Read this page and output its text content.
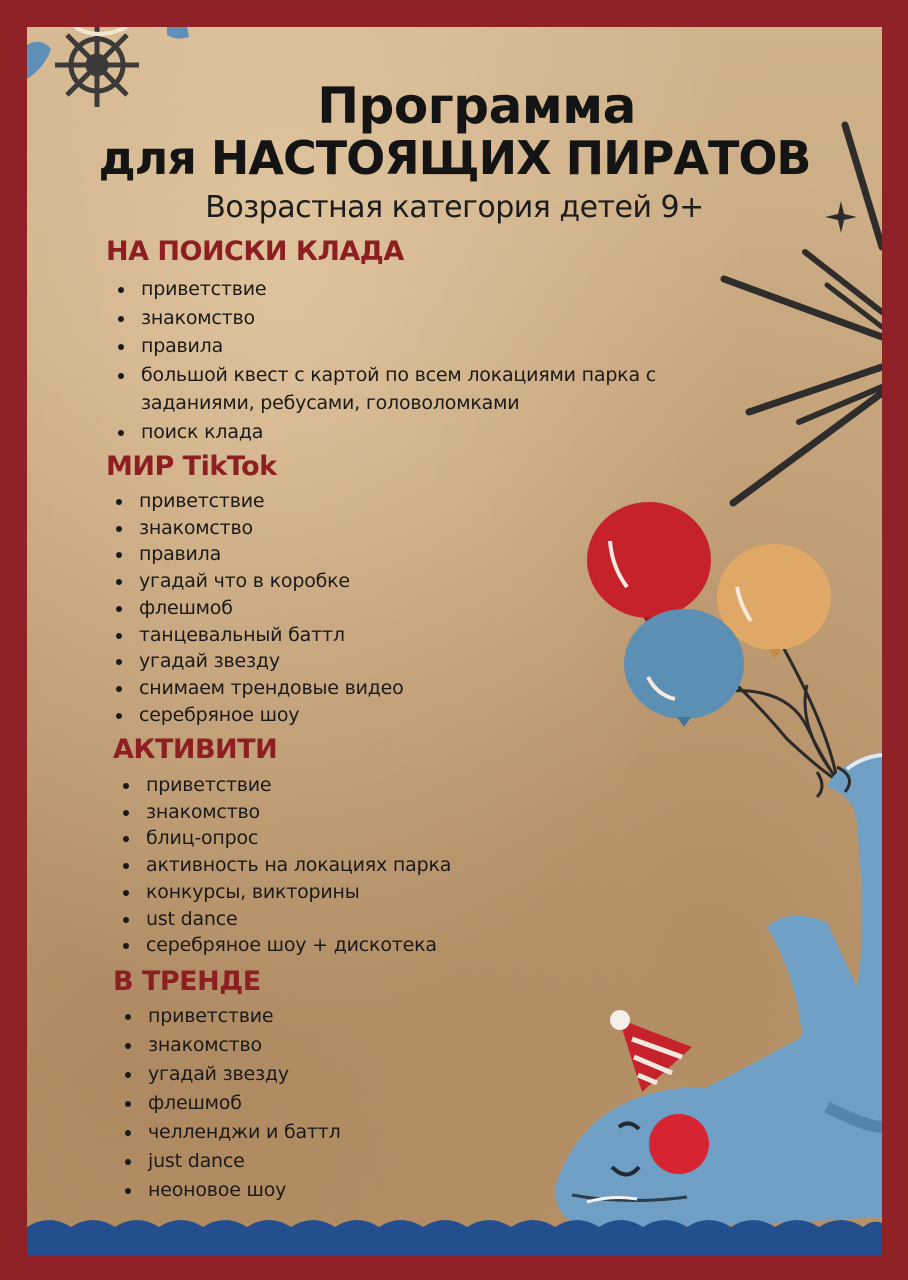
Программа
для НАСТОЯЩИХ ПИРАТОВ
Возрастная категория детей 9+
НА ПОИСКИ КЛАДА
приветствие
знакомство
правила
большой квест с картой по всем локациями парка с заданиями, ребусами, головоломками
поиск клада
МИР TikTok
приветствие
знакомство
правила
угадай что в коробке
флешмоб
танцевальный баттл
угадай звезду
снимаем трендовые видео
серебряное шоу
АКТИВИТИ
приветствие
знакомство
блиц-опрос
активность на локациях парка
конкурсы, викторины
ust dance
серебряное шоу + дискотека
В ТРЕНДЕ
приветствие
знакомство
угадай звезду
флешмоб
челленджи и баттл
just dance
неоновое шоу
